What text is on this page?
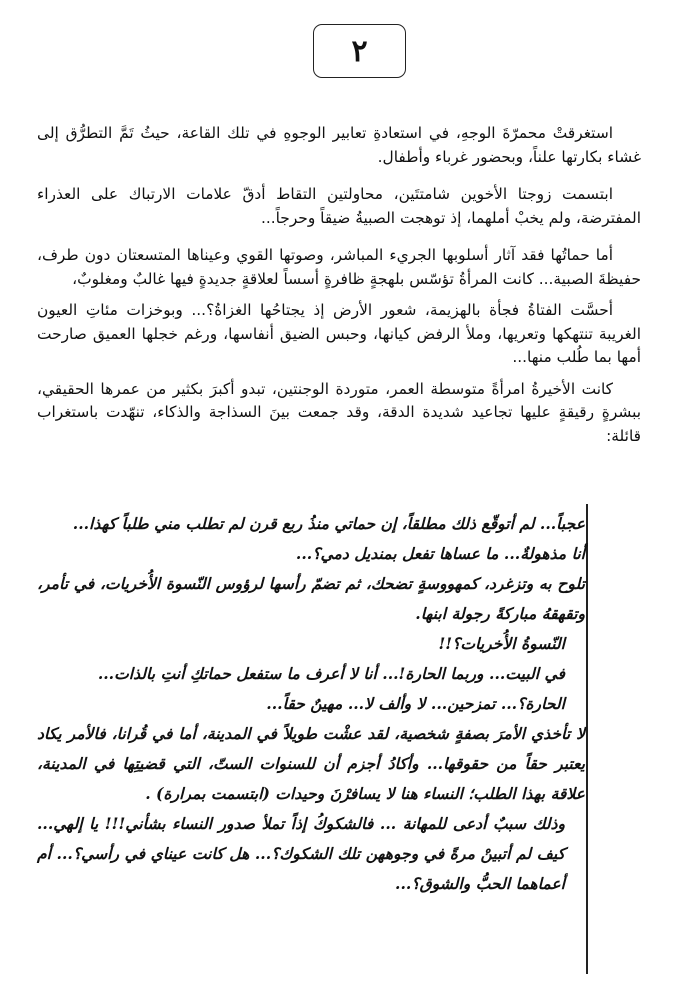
٢

استغرقتْ محمرّةَ الوجهِ، في استعادةِ تعابير الوجوهِ في تلك القاعة، حيثُ تَمَّ التطرُّق إلى غشاء بكارتها علناً، وبحضور غرباء وأطفال.

ابتسمت زوجتا الأخوين شامتتَين، محاولتين التقاط أدقّ علامات الارتباك على العذراء المفترضة، ولم يخبْ أملهما، إذ توهجت الصبيةُ ضيقاً وحرجاً...

أما حماتُها فقد آثار أسلوبها الجريء المباشر، وصوتها القوي وعيناها المتسعتان دون طرف، حفيظةَ الصبية... كانت المرأةُ تؤسّس بلهجةٍ ظافرةٍ أسساً لعلاقةٍ جديدةٍ فيها غالبٌ ومغلوبٌ،

أحسَّت الفتاةُ فجأة بالهزيمة، شعور الأرض إذ يجتاحُها الغزاةُ؟... وبوخزات مئاتِ العيون الغريبة تنتهكها وتعريها، وملأ الرفض كيانها، وحبس الضيق أنفاسها، ورغم خجلها العميق صارحت أمها بما طُلب منها...

كانت الأخيرةُ امرأةً متوسطة العمر، متوردة الوجنتين، تبدو أكبرَ بكثير من عمرها الحقيقي، ببشرةٍ رقيقةٍ عليها تجاعيد شديدة الدقة، وقد جمعت بينَ السذاجة والذكاء، تنهّدت باستغراب قائلة:

عجباً... لم أتوقّع ذلك مطلقاً، إن حماتي منذُ ربع قرن لم تطلب مني طلباً كهذا...

أنا مذهولةٌ... ما عساها تفعل بمنديل دمي؟...

تلوح به وتزغرد، كمهووسةٍ تضحك، ثم تضمّ رأسها لرؤوس النّسوة الأُخريات، في تأمر، وتقهقهُ مباركةً رجولة ابنها.

النّسوةُ الأُخريات؟!!

في البيت... وربما الحارة!... أنا لا أعرف ما ستفعل حماتكِ أنتِ بالذات...

الحارة؟... تمزحين... لا وألف لا... مهينٌ حقاً...

لا تأخذي الأمرَ بصفةٍ شخصية، لقد عشْت طويلاً في المدينة، أما في قُرانا، فالأمر يكاد يعتبر حقاً من حقوقها... وأكادُ أجزم أن للسنوات الستّ، التي قضيتِها في المدينة، علاقة بهذا الطلب؛ النساء هنا لا يسافرْنَ وحيدات (ابتسمت بمرارة) .

وذلك سببٌ أدعى للمهانة ... فالشكوكُ إذاً تملأ صدور النساء بشأني!!! يا إلهي... كيف لم أتبينْ مرةً في وجوههن تلك الشكوك؟... هل كانت عيناي في رأسي؟... أم أعماهما الحبُّ والشوق؟...
